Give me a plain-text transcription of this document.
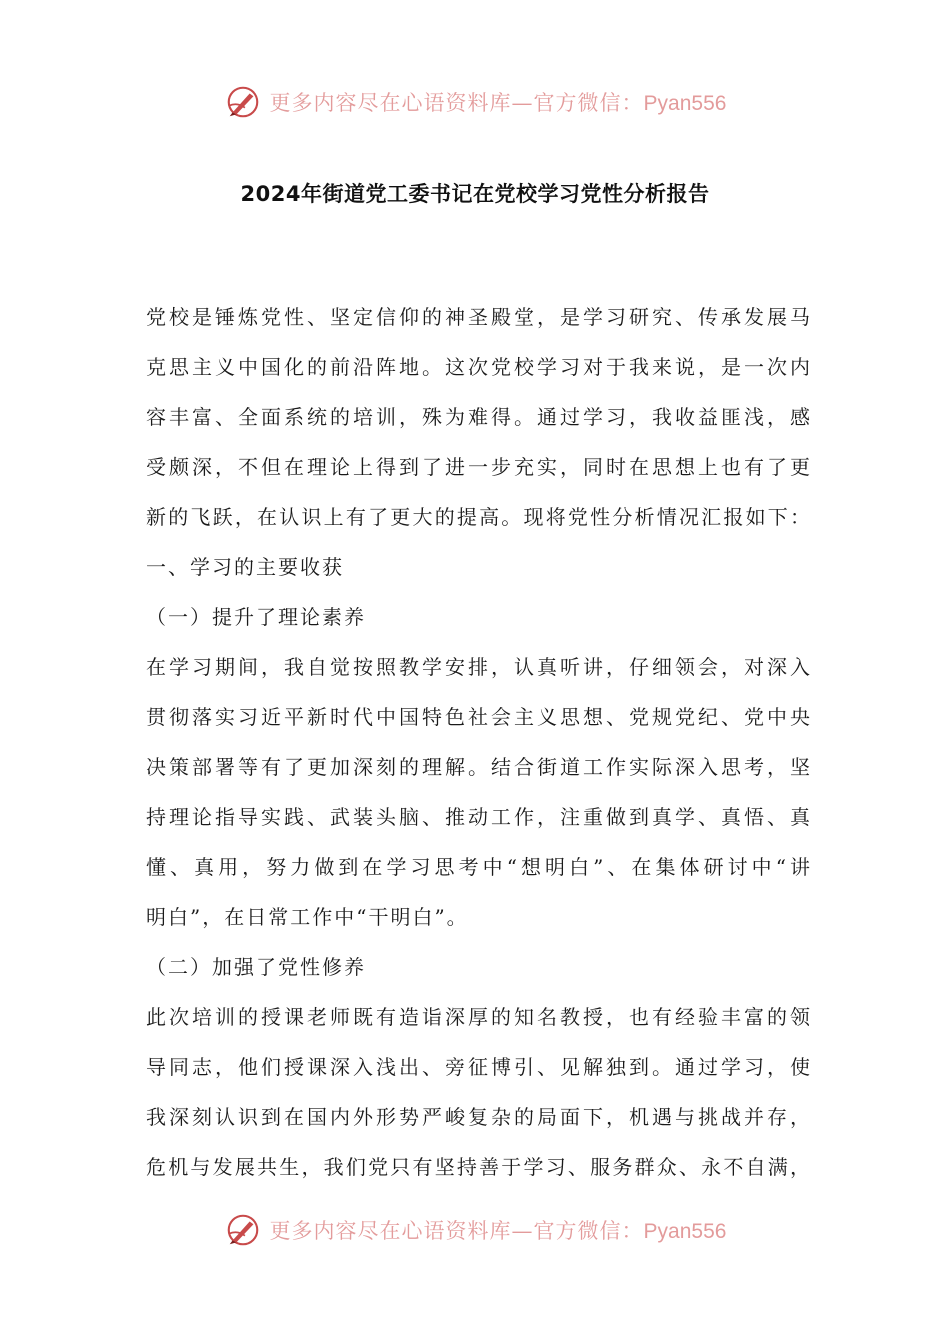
更多内容尽在心语资料库—官方微信：Pyan556
2024年街道党工委书记在党校学习党性分析报告
党校是锤炼党性、坚定信仰的神圣殿堂，是学习研究、传承发展马
克思主义中国化的前沿阵地。这次党校学习对于我来说，是一次内
容丰富、全面系统的培训，殊为难得。通过学习，我收益匪浅，感
受颇深，不但在理论上得到了进一步充实，同时在思想上也有了更
新的飞跃，在认识上有了更大的提高。现将党性分析情况汇报如下：
一、学习的主要收获
（一）提升了理论素养
在学习期间，我自觉按照教学安排，认真听讲，仔细领会，对深入
贯彻落实习近平新时代中国特色社会主义思想、党规党纪、党中央
决策部署等有了更加深刻的理解。结合街道工作实际深入思考，坚
持理论指导实践、武装头脑、推动工作，注重做到真学、真悟、真
懂、真用，努力做到在学习思考中“想明白”、在集体研讨中“讲
明白”，在日常工作中“干明白”。
（二）加强了党性修养
此次培训的授课老师既有造诣深厚的知名教授，也有经验丰富的领
导同志，他们授课深入浅出、旁征博引、见解独到。通过学习，使
我深刻认识到在国内外形势严峻复杂的局面下，机遇与挑战并存，
危机与发展共生，我们党只有坚持善于学习、服务群众、永不自满，
更多内容尽在心语资料库—官方微信：Pyan556
